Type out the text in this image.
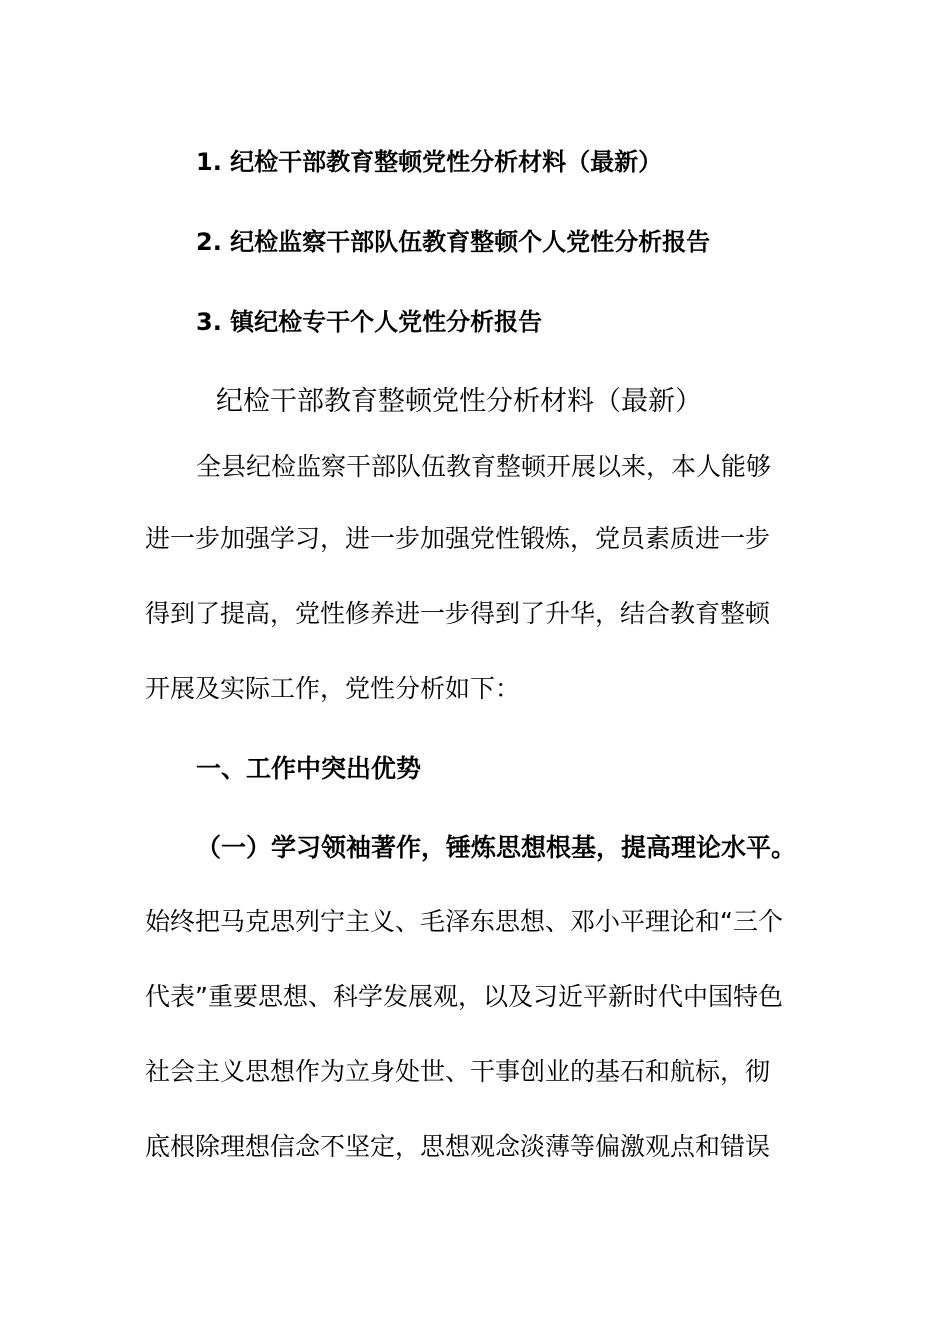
1. 纪检干部教育整顿党性分析材料（最新）
2. 纪检监察干部队伍教育整顿个人党性分析报告
3. 镇纪检专干个人党性分析报告
纪检干部教育整顿党性分析材料（最新）
全县纪检监察干部队伍教育整顿开展以来，本人能够
进一步加强学习，进一步加强党性锻炼，党员素质进一步
得到了提高，党性修养进一步得到了升华，结合教育整顿
开展及实际工作，党性分析如下：
一、工作中突出优势
（一）学习领袖著作，锤炼思想根基，提高理论水平。
始终把马克思列宁主义、毛泽东思想、邓小平理论和“三个
代表”重要思想、科学发展观，以及习近平新时代中国特色
社会主义思想作为立身处世、干事创业的基石和航标，彻
底根除理想信念不坚定，思想观念淡薄等偏激观点和错误
